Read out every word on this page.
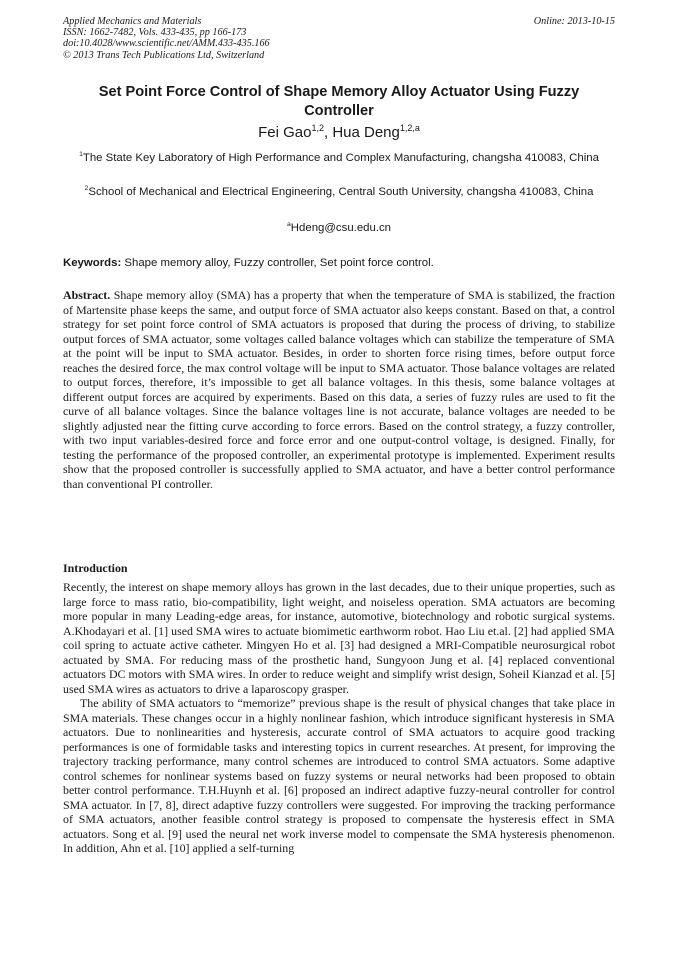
Applied Mechanics and Materials
ISSN: 1662-7482, Vols. 433-435, pp 166-173
doi:10.4028/www.scientific.net/AMM.433-435.166
© 2013 Trans Tech Publications Ltd, Switzerland
Online: 2013-10-15
Set Point Force Control of Shape Memory Alloy Actuator Using Fuzzy Controller
Fei Gao$^{1,2}$, Hua Deng$^{1,2,a}$
$^1$The State Key Laboratory of High Performance and Complex Manufacturing, changsha 410083, China
$^2$School of Mechanical and Electrical Engineering, Central South University, changsha 410083, China
$^a$Hdeng@csu.edu.cn
Keywords: Shape memory alloy, Fuzzy controller, Set point force control.
Abstract. Shape memory alloy (SMA) has a property that when the temperature of SMA is stabilized, the fraction of Martensite phase keeps the same, and output force of SMA actuator also keeps constant. Based on that, a control strategy for set point force control of SMA actuators is proposed that during the process of driving, to stabilize output forces of SMA actuator, some voltages called balance voltages which can stabilize the temperature of SMA at the point will be input to SMA actuator. Besides, in order to shorten force rising times, before output force reaches the desired force, the max control voltage will be input to SMA actuator. Those balance voltages are related to output forces, therefore, it’s impossible to get all balance voltages. In this thesis, some balance voltages at different output forces are acquired by experiments. Based on this data, a series of fuzzy rules are used to fit the curve of all balance voltages. Since the balance voltages line is not accurate, balance voltages are needed to be slightly adjusted near the fitting curve according to force errors. Based on the control strategy, a fuzzy controller, with two input variables-desired force and force error and one output-control voltage, is designed. Finally, for testing the performance of the proposed controller, an experimental prototype is implemented. Experiment results show that the proposed controller is successfully applied to SMA actuator, and have a better control performance than conventional PI controller.
Introduction

Recently, the interest on shape memory alloys has grown in the last decades, due to their unique properties, such as large force to mass ratio, bio-compatibility, light weight, and noiseless operation. SMA actuators are becoming more popular in many Leading-edge areas, for instance, automotive, biotechnology and robotic surgical systems. A.Khodayari et al. [1] used SMA wires to actuate biomimetic earthworm robot. Hao Liu et.al. [2] had applied SMA coil spring to actuate active catheter. Mingyen Ho et al. [3] had designed a MRI-Compatible neurosurgical robot actuated by SMA. For reducing mass of the prosthetic hand, Sungyoon Jung et al. [4] replaced conventional actuators DC motors with SMA wires. In order to reduce weight and simplify wrist design, Soheil Kianzad et al. [5] used SMA wires as actuators to drive a laparoscopy grasper.

The ability of SMA actuators to “memorize” previous shape is the result of physical changes that take place in SMA materials. These changes occur in a highly nonlinear fashion, which introduce significant hysteresis in SMA actuators. Due to nonlinearities and hysteresis, accurate control of SMA actuators to acquire good tracking performances is one of formidable tasks and interesting topics in current researches. At present, for improving the trajectory tracking performance, many control schemes are introduced to control SMA actuators. Some adaptive control schemes for nonlinear systems based on fuzzy systems or neural networks had been proposed to obtain better control performance. T.H.Huynh et al. [6] proposed an indirect adaptive fuzzy-neural controller for control SMA actuator. In [7, 8], direct adaptive fuzzy controllers were suggested. For improving the tracking performance of SMA actuators, another feasible control strategy is proposed to compensate the hysteresis effect in SMA actuators. Song et al. [9] used the neural net work inverse model to compensate the SMA hysteresis phenomenon. In addition, Ahn et al. [10] applied a self-turning
